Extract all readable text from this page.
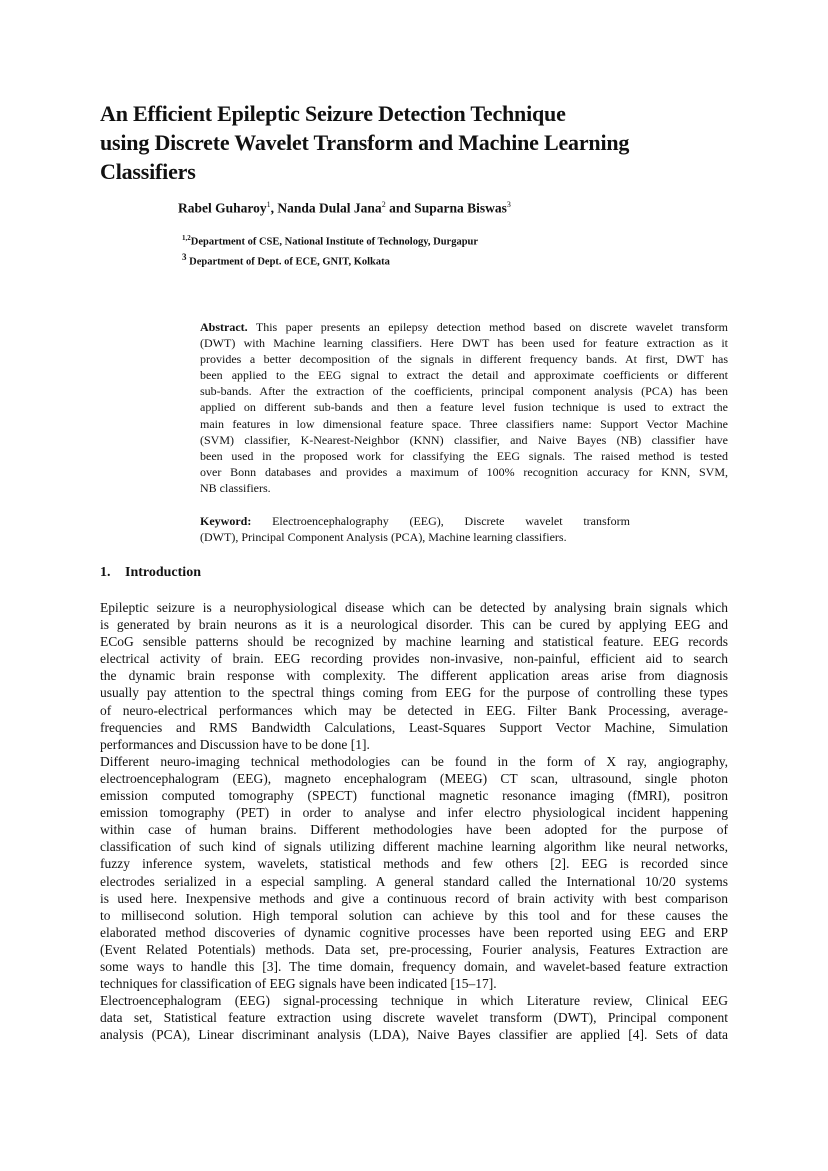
An Efficient Epileptic Seizure Detection Technique
using Discrete Wavelet Transform and Machine Learning
Classifiers
Rabel Guharoy$^1$, Nanda Dulal Jana$^2$ and Suparna Biswas$^3$
$^{1,2}$Department of CSE, National Institute of Technology, Durgapur
$^3$ Department of Dept. of ECE, GNIT, Kolkata
Abstract. This paper presents an epilepsy detection method based on discrete wavelet transform
(DWT) with Machine learning classifiers. Here DWT has been used for feature extraction as it
provides a better decomposition of the signals in different frequency bands. At first, DWT has
been applied to the EEG signal to extract the detail and approximate coefficients or different
sub-bands. After the extraction of the coefficients, principal component analysis (PCA) has been
applied on different sub-bands and then a feature level fusion technique is used to extract the
main features in low dimensional feature space. Three classifiers name: Support Vector Machine
(SVM) classifier, K-Nearest-Neighbor (KNN) classifier, and Naive Bayes (NB) classifier have
been used in the proposed work for classifying the EEG signals. The raised method is tested
over Bonn databases and provides a maximum of 100% recognition accuracy for KNN, SVM,
NB classifiers.
Keyword: Electroencephalography (EEG), Discrete wavelet transform
(DWT), Principal Component Analysis (PCA), Machine learning classifiers.
1. Introduction
Epileptic seizure is a neurophysiological disease which can be detected by analysing brain signals which
is generated by brain neurons as it is a neurological disorder. This can be cured by applying EEG and
ECoG sensible patterns should be recognized by machine learning and statistical feature. EEG records
electrical activity of brain. EEG recording provides non-invasive, non-painful, efficient aid to search
the dynamic brain response with complexity. The different application areas arise from diagnosis
usually pay attention to the spectral things coming from EEG for the purpose of controlling these types
of neuro-electrical performances which may be detected in EEG. Filter Bank Processing, average-
frequencies and RMS Bandwidth Calculations, Least-Squares Support Vector Machine, Simulation
performances and Discussion have to be done [1].
Different neuro-imaging technical methodologies can be found in the form of X ray, angiography,
electroencephalogram (EEG), magneto encephalogram (MEEG) CT scan, ultrasound, single photon
emission computed tomography (SPECT) functional magnetic resonance imaging (fMRI), positron
emission tomography (PET) in order to analyse and infer electro physiological incident happening
within case of human brains. Different methodologies have been adopted for the purpose of
classification of such kind of signals utilizing different machine learning algorithm like neural networks,
fuzzy inference system, wavelets, statistical methods and few others [2]. EEG is recorded since
electrodes serialized in a especial sampling. A general standard called the International 10/20 systems
is used here. Inexpensive methods and give a continuous record of brain activity with best comparison
to millisecond solution. High temporal solution can achieve by this tool and for these causes the
elaborated method discoveries of dynamic cognitive processes have been reported using EEG and ERP
(Event Related Potentials) methods. Data set, pre-processing, Fourier analysis, Features Extraction are
some ways to handle this [3]. The time domain, frequency domain, and wavelet-based feature extraction
techniques for classification of EEG signals have been indicated [15–17].
Electroencephalogram (EEG) signal-processing technique in which Literature review, Clinical EEG
data set, Statistical feature extraction using discrete wavelet transform (DWT), Principal component
analysis (PCA), Linear discriminant analysis (LDA), Naive Bayes classifier are applied [4]. Sets of data
